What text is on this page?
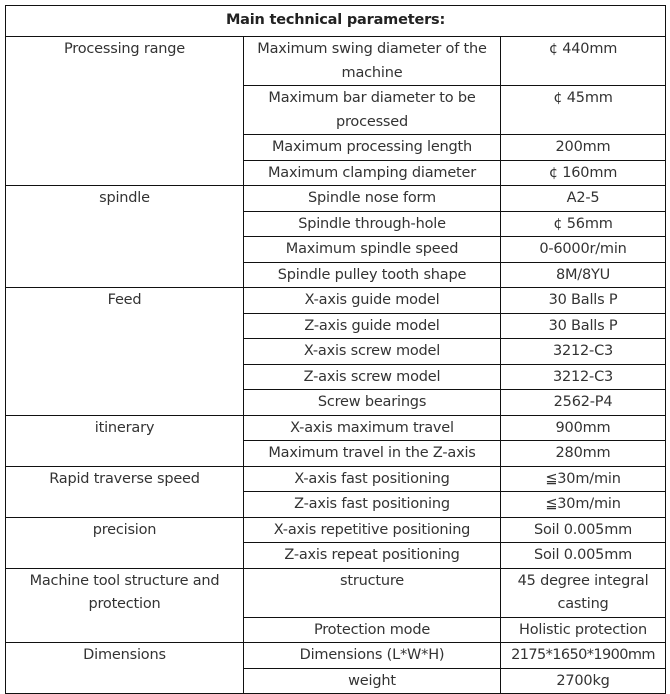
Main technical parameters:		
Processing range	Maximum swing diameter of the machine	¢ 440mm
	Maximum bar diameter to be processed	¢ 45mm
	Maximum processing length	200mm
	Maximum clamping diameter	¢ 160mm
spindle	Spindle nose form	A2-5
	Spindle through-hole	¢ 56mm
	Maximum spindle speed	0-6000r/min
	Spindle pulley tooth shape	8M/8YU
Feed	X-axis guide model	30 Balls P
	Z-axis guide model	30 Balls P
	X-axis screw model	3212-C3
	Z-axis screw model	3212-C3
	Screw bearings	2562-P4
itinerary	X-axis maximum travel	900mm
	Maximum travel in the Z-axis	280mm
Rapid traverse speed	X-axis fast positioning	≦30m/min
	Z-axis fast positioning	≦30m/min
precision	X-axis repetitive positioning	Soil 0.005mm
	Z-axis repeat positioning	Soil 0.005mm
Machine tool structure and protection	structure	45 degree integral casting
	Protection mode	Holistic protection
Dimensions	Dimensions (L*W*H)	2175*1650*1900mm
	weight	2700kg
